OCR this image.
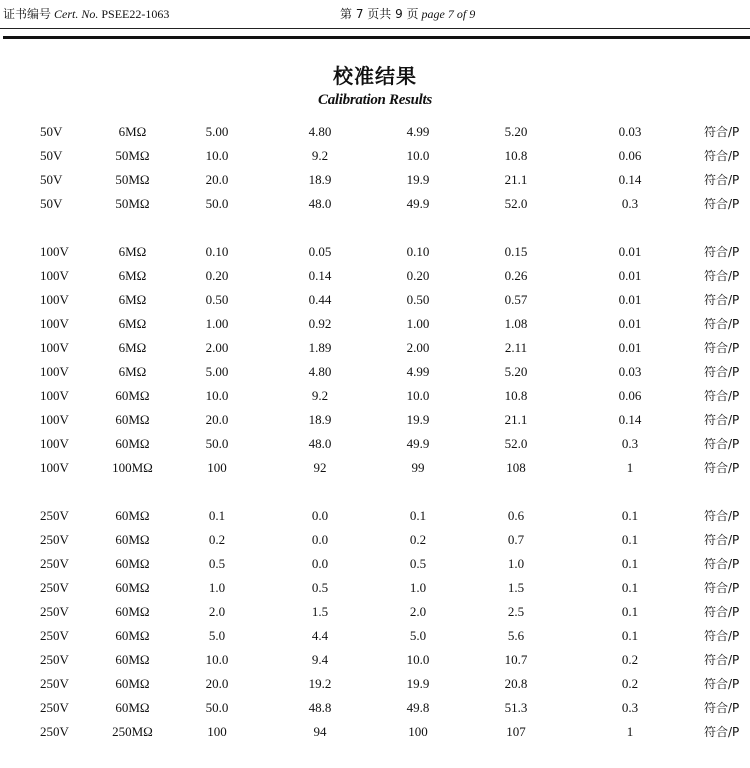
证书编号 Cert. No. PSEE22-1063	第 7 页共 9 页 page 7 of 9
校准结果
Calibration Results
50V	6MΩ	5.00	4.80	4.99	5.20	0.03	符合/P
50V	50MΩ	10.0	9.2	10.0	10.8	0.06	符合/P
50V	50MΩ	20.0	18.9	19.9	21.1	0.14	符合/P
50V	50MΩ	50.0	48.0	49.9	52.0	0.3	符合/P
100V	6MΩ	0.10	0.05	0.10	0.15	0.01	符合/P
100V	6MΩ	0.20	0.14	0.20	0.26	0.01	符合/P
100V	6MΩ	0.50	0.44	0.50	0.57	0.01	符合/P
100V	6MΩ	1.00	0.92	1.00	1.08	0.01	符合/P
100V	6MΩ	2.00	1.89	2.00	2.11	0.01	符合/P
100V	6MΩ	5.00	4.80	4.99	5.20	0.03	符合/P
100V	60MΩ	10.0	9.2	10.0	10.8	0.06	符合/P
100V	60MΩ	20.0	18.9	19.9	21.1	0.14	符合/P
100V	60MΩ	50.0	48.0	49.9	52.0	0.3	符合/P
100V	100MΩ	100	92	99	108	1	符合/P
250V	60MΩ	0.1	0.0	0.1	0.6	0.1	符合/P
250V	60MΩ	0.2	0.0	0.2	0.7	0.1	符合/P
250V	60MΩ	0.5	0.0	0.5	1.0	0.1	符合/P
250V	60MΩ	1.0	0.5	1.0	1.5	0.1	符合/P
250V	60MΩ	2.0	1.5	2.0	2.5	0.1	符合/P
250V	60MΩ	5.0	4.4	5.0	5.6	0.1	符合/P
250V	60MΩ	10.0	9.4	10.0	10.7	0.2	符合/P
250V	60MΩ	20.0	19.2	19.9	20.8	0.2	符合/P
250V	60MΩ	50.0	48.8	49.8	51.3	0.3	符合/P
250V	250MΩ	100	94	100	107	1	符合/P
